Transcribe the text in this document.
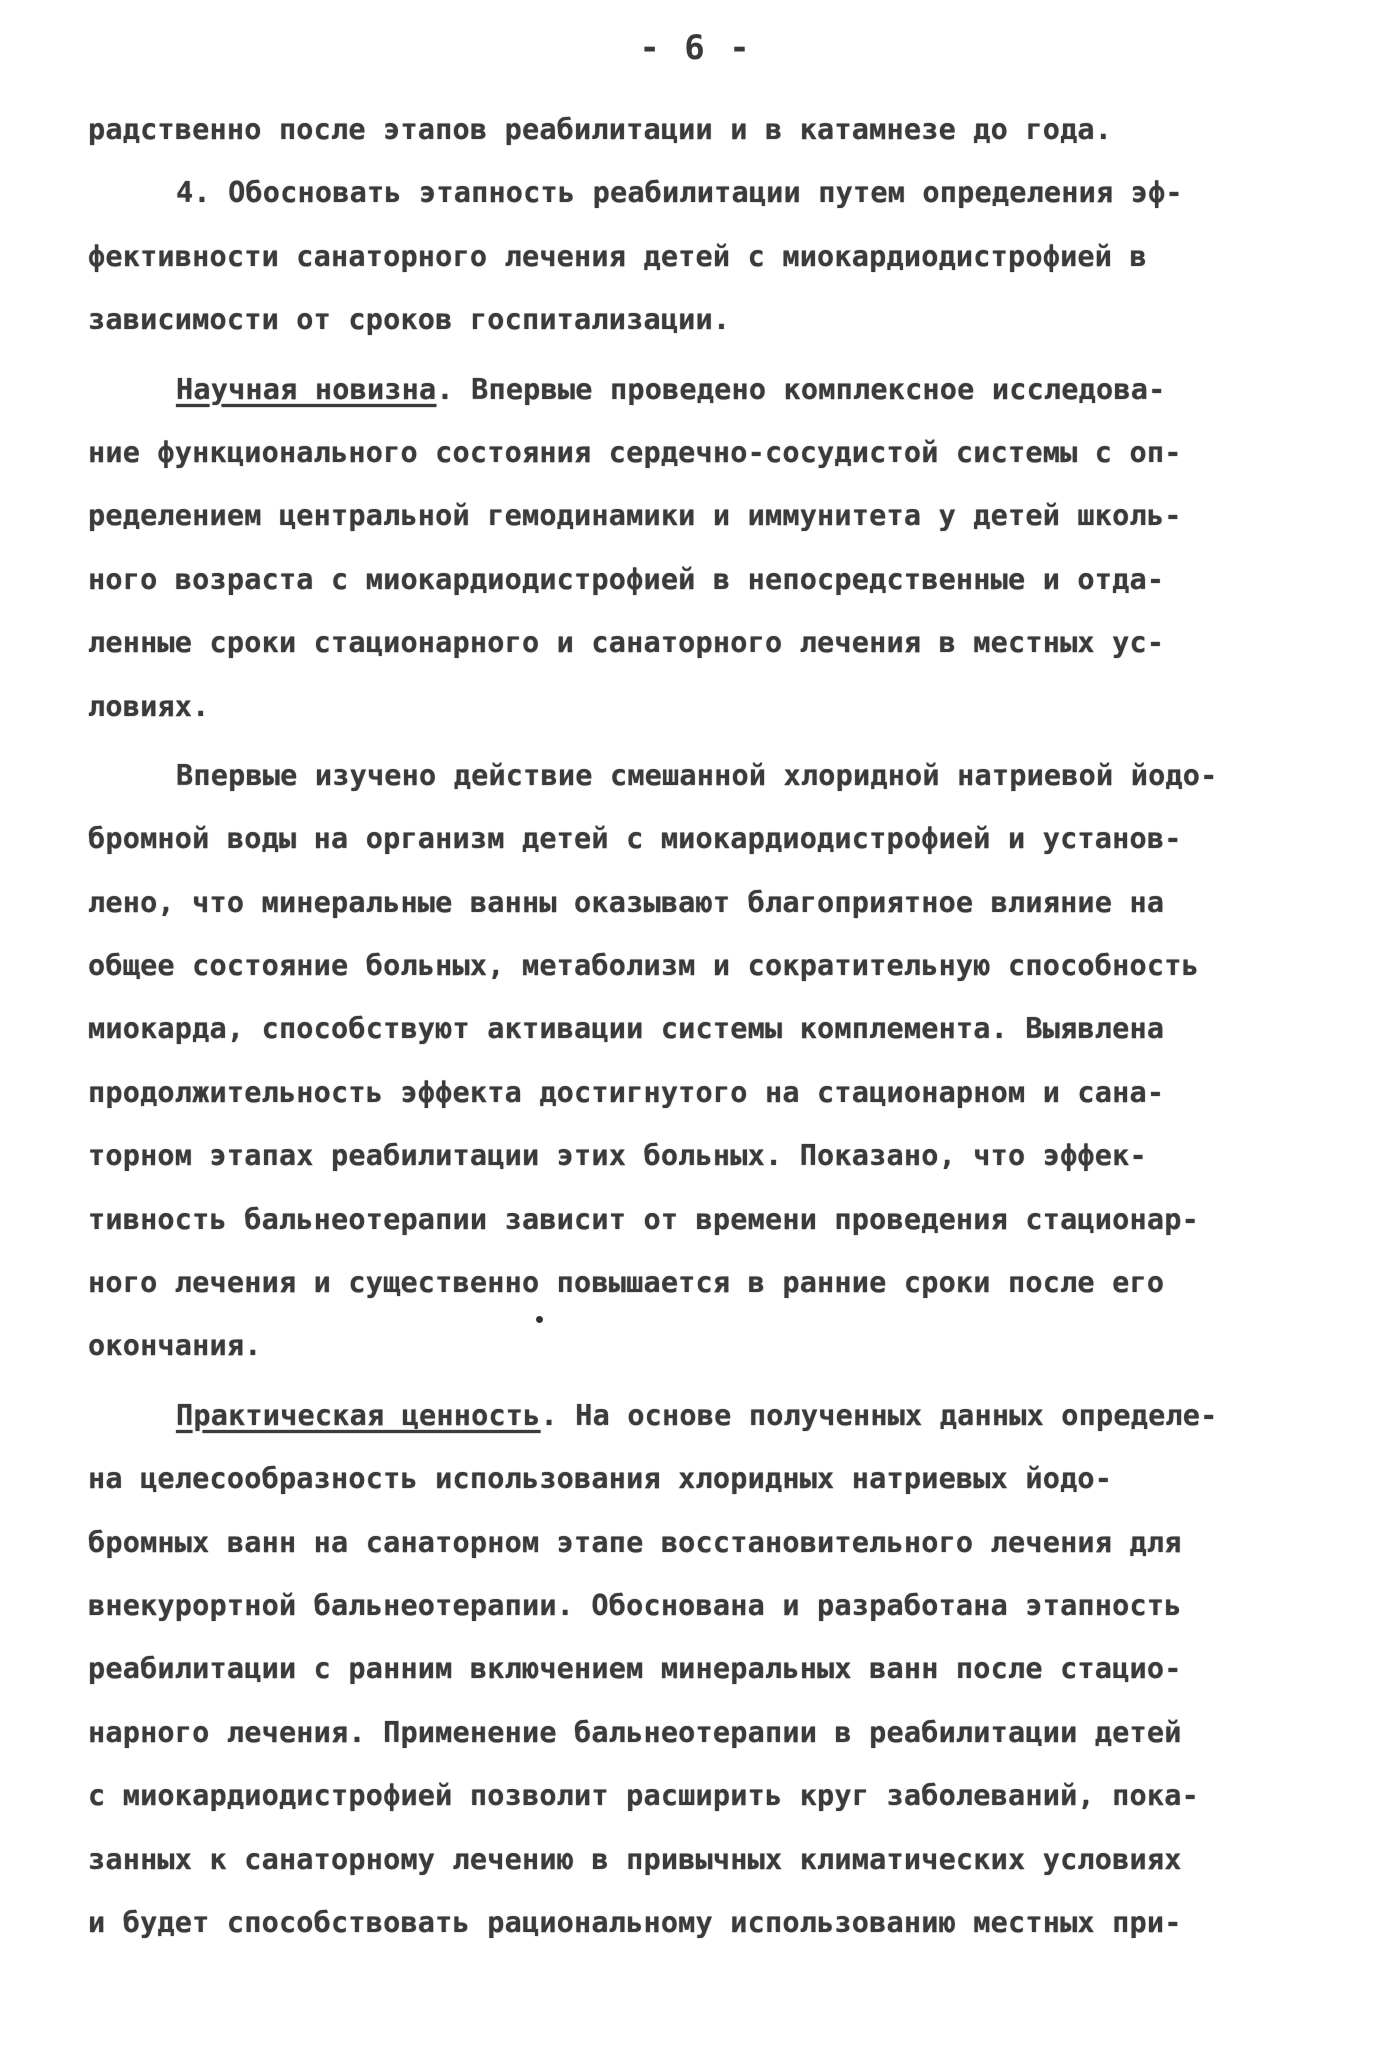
- 6 -
радственно после этапов реабилитации и в катамнезе до года.
4. Обосновать этапность реабилитации путем определения эф-
фективности санаторного лечения детей с миокардиодистрофией в
зависимости от сроков госпитализации.
Научная новизна. Впервые проведено комплексное исследова-
ние функционального состояния сердечно-сосудистой системы с оп-
ределением центральной гемодинамики и иммунитета у детей школь-
ного возраста с миокардиодистрофией в непосредственные и отда-
ленные сроки стационарного и санаторного лечения в местных ус-
ловиях.
Впервые изучено действие смешанной хлоридной натриевой йодо-
бромной воды на организм детей с миокардиодистрофией и установ-
лено, что минеральные ванны оказывают благоприятное влияние на
общее состояние больных, метаболизм и сократительную способность
миокарда, способствуют активации системы комплемента. Выявлена
продолжительность эффекта достигнутого на стационарном и сана-
торном этапах реабилитации этих больных. Показано, что эффек-
тивность бальнеотерапии зависит от времени проведения стационар-
ного лечения и существенно повышается в ранние сроки после его
окончания.
Практическая ценность. На основе полученных данных определе-
на целесообразность использования хлоридных натриевых йодо-
бромных ванн на санаторном этапе восстановительного лечения для
внекурортной бальнеотерапии. Обоснована и разработана этапность
реабилитации с ранним включением минеральных ванн после стацио-
нарного лечения. Применение бальнеотерапии в реабилитации детей
с миокардиодистрофией позволит расширить круг заболеваний, пока-
занных к санаторному лечению в привычных климатических условиях
и будет способствовать рациональному использованию местных при-
